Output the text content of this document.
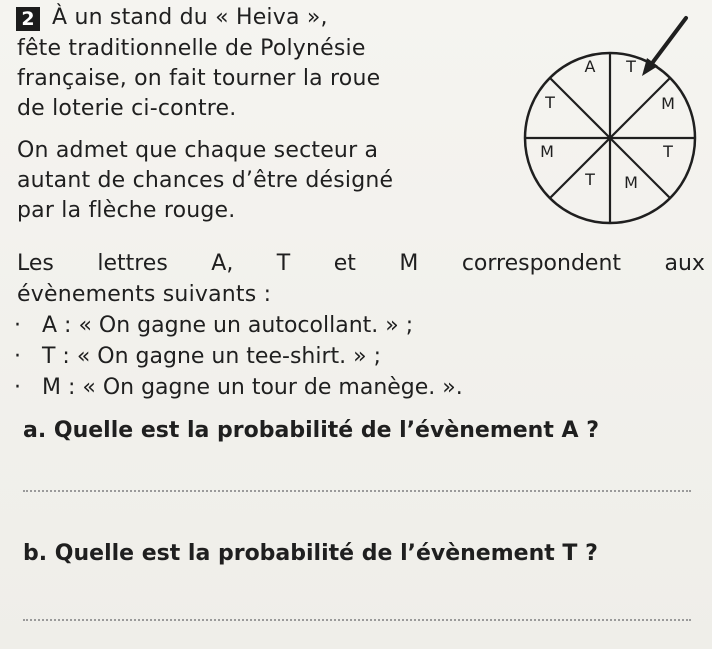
2 À un stand du « Heiva »,
fête traditionnelle de Polynésie
française, on fait tourner la roue
de loterie ci-contre.
On admet que chaque secteur a
autant de chances d’être désigné
par la flèche rouge.
A T
M
T
M
T
M
T
Les lettres A, T et M correspondent aux
évènements suivants :
· A : « On gagne un autocollant. » ;
· T : « On gagne un tee-shirt. » ;
· M : « On gagne un tour de manège. ».
a. Quelle est la probabilité de l’évènement A ?
b. Quelle est la probabilité de l’évènement T ?
